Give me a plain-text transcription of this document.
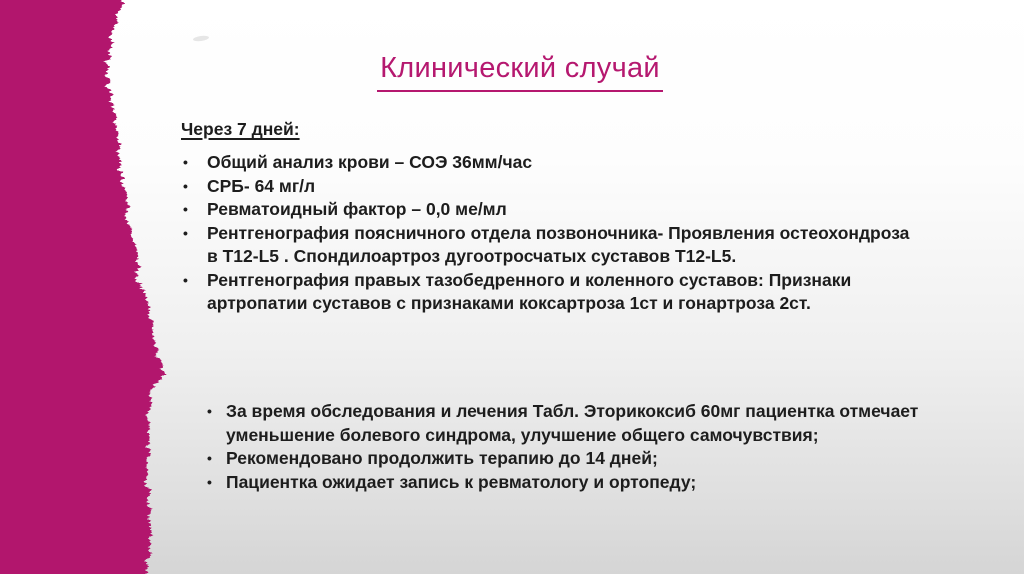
Клинический случай
Через 7 дней:
•	Общий анализ крови – СОЭ 36мм/час
•	СРБ- 64 мг/л
•	Ревматоидный фактор – 0,0 ме/мл
•	Рентгенография поясничного отдела позвоночника- Проявления остеохондроза
в Т12-L5 . Спондилоартроз дугоотросчатых суставов Т12-L5.
•	Рентгенография правых тазобедренного и коленного суставов: Признаки
артропатии суставов с признаками коксартроза 1ст и гонартроза 2ст.
• За время обследования и лечения Табл. Эторикоксиб 60мг пациентка отмечает
уменьшение болевого синдрома, улучшение общего самочувствия;
• Рекомендовано продолжить терапию до 14 дней;
• Пациентка ожидает запись к ревматологу и ортопеду;
